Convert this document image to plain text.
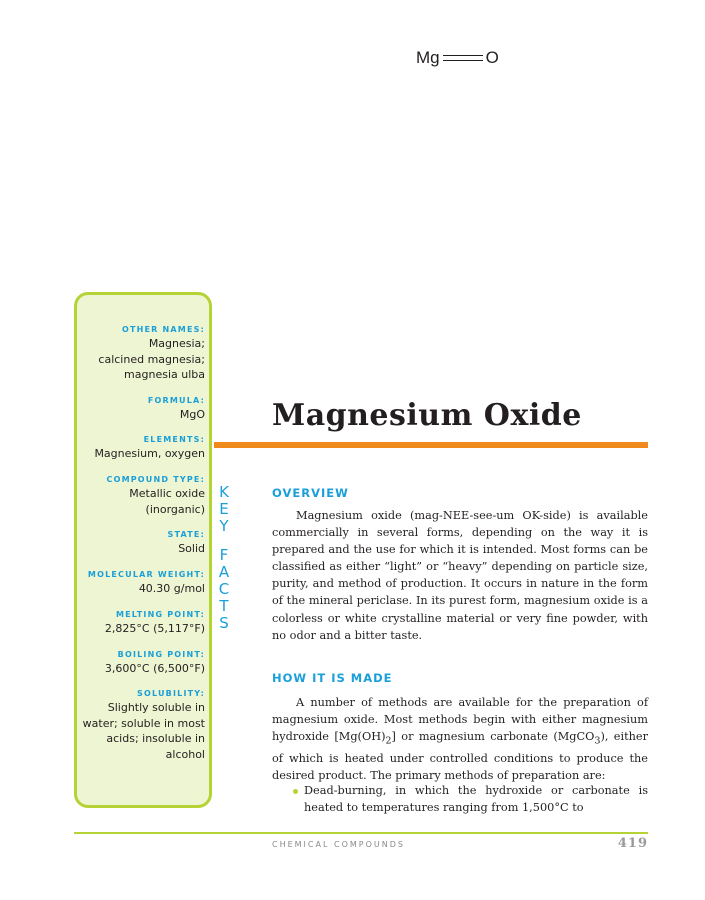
Mg	O
OTHER NAMES:
Magnesia;
calcined magnesia;
magnesia ulba
FORMULA:
MgO
ELEMENTS:
Magnesium, oxygen
COMPOUND TYPE:
Metallic oxide
(inorganic)
STATE:
Solid
MOLECULAR WEIGHT:
40.30 g/mol
MELTING POINT:
2,825°C (5,117°F)
BOILING POINT:
3,600°C (6,500°F)
SOLUBILITY:
Slightly soluble in
water; soluble in most
acids; insoluble in
alcohol
K
E
Y
F
A
C
T
S
Magnesium Oxide
OVERVIEW

Magnesium oxide (mag-NEE-see-um OK-side) is available commercially in several forms, depending on the way it is prepared and the use for which it is intended. Most forms can be classified as either “light” or “heavy” depending on particle size, purity, and method of production. It occurs in nature in the form of the mineral periclase. In its purest form, magnesium oxide is a colorless or white crystalline material or very fine powder, with no odor and a bitter taste.

HOW IT IS MADE

A number of methods are available for the preparation of magnesium oxide. Most methods begin with either magnesium hydroxide $[Mg(OH)_2]$ or magnesium carbonate (MgCO$_3$), either of which is heated under controlled conditions to produce the desired product. The primary methods of preparation are:

Dead-burning, in which the hydroxide or carbonate is heated to temperatures ranging from 1,500°C to

CHEMICAL COMPOUNDS	419
